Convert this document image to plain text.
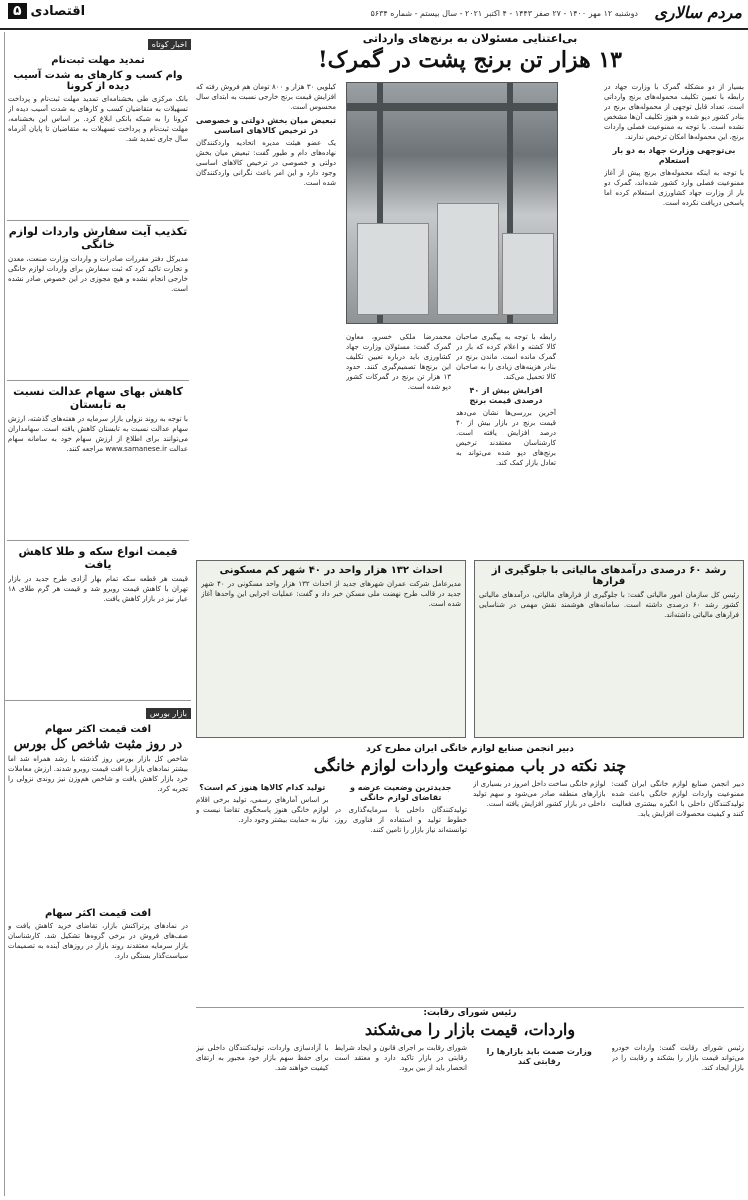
مردم سالاری
دوشنبه ۱۲ مهر ۱۴۰۰ - ۲۷ صفر ۱۴۴۳ - ۴ اکتبر ۲۰۲۱ - سال بیستم - شماره ۵۶۳۴
اقتصادی
۵
اخبار کوتاه
تمدید مهلت ثبت‌نام
وام کسب و کارهای به شدت آسیب دیده از کرونا
بانک مرکزی طی بخشنامه‌ای تمدید مهلت ثبت‌نام و پرداخت تسهیلات به متقاضیان کسب و کارهای به شدت آسیب دیده از کرونا را به شبکه بانکی ابلاغ کرد. بر اساس این بخشنامه، مهلت ثبت‌نام و پرداخت تسهیلات به متقاضیان تا پایان آذرماه سال جاری تمدید شد.
تکذیب آیت سفارش واردات لوازم خانگی
مدیرکل دفتر مقررات صادرات و واردات وزارت صنعت، معدن و تجارت تاکید کرد که ثبت سفارش برای واردات لوازم خانگی خارجی انجام نشده و هیچ مجوزی در این خصوص صادر نشده است.
کاهش بهای سهام عدالت نسبت به تابستان
با توجه به روند نزولی بازار سرمایه در هفته‌های گذشته، ارزش سهام عدالت نسبت به تابستان کاهش یافته است. سهامداران می‌توانند برای اطلاع از ارزش سهام خود به سامانه سهام عدالت www.samanese.ir مراجعه کنند.
قیمت انواع سکه و طلا کاهش یافت
قیمت هر قطعه سکه تمام بهار آزادی طرح جدید در بازار تهران با کاهش قیمت روبرو شد و قیمت هر گرم طلای ۱۸ عیار نیز در بازار کاهش یافت.
بازار بورس
افت قیمت اکثر سهام
در روز مثبت شاخص کل بورس
شاخص کل بازار بورس روز گذشته با رشد همراه شد اما بیشتر نمادهای بازار با افت قیمت روبرو شدند. ارزش معاملات خرد بازار کاهش یافت و شاخص هم‌وزن نیز روندی نزولی را تجربه کرد.
افت قیمت اکثر سهام
در نمادهای پرتراکنش بازار، تقاضای خرید کاهش یافت و صف‌های فروش در برخی گروه‌ها تشکیل شد. کارشناسان بازار سرمایه معتقدند روند بازار در روزهای آینده به تصمیمات سیاست‌گذار بستگی دارد.
بی‌اعتنایی مسئولان به برنج‌های وارداتی
۱۳ هزار تن برنج پشت در گمرک!
بسیار از دو مشکله گمرک با وزارت جهاد در رابطه با تعیین تکلیف محموله‌های برنج وارداتی است. تعداد قابل توجهی از محموله‌های برنج در بنادر کشور دپو شده و هنوز تکلیف آن‌ها مشخص نشده است. با توجه به ممنوعیت فصلی واردات برنج، این محموله‌ها امکان ترخیص ندارند.
بی‌توجهی وزارت جهاد به دو بار استعلام
با توجه به اینکه محموله‌های برنج پیش از آغاز ممنوعیت فصلی وارد کشور شده‌اند، گمرک دو بار از وزارت جهاد کشاورزی استعلام کرده اما پاسخی دریافت نکرده است.
محمدرضا ملکی خسرو، معاون گمرک گفت: مسئولان وزارت جهاد کشاورزی باید درباره تعیین تکلیف این برنج‌ها تصمیم‌گیری کنند. حدود ۱۳ هزار تن برنج در گمرکات کشور دپو شده است.
رابطه با توجه به پیگیری صاحبان کالا کشته و اعلام کرده که بار در گمرک مانده است. ماندن برنج در بنادر هزینه‌های زیادی را به صاحبان کالا تحمیل می‌کند.
افزایش بیش از ۴۰ درصدی قیمت برنج
آخرین بررسی‌ها نشان می‌دهد قیمت برنج در بازار بیش از ۴۰ درصد افزایش یافته است. کارشناسان معتقدند ترخیص برنج‌های دپو شده می‌تواند به تعادل بازار کمک کند.
کیلویی ۳۰ هزار و ۸۰۰ تومان هم فروش رفته که افزایش قیمت برنج خارجی نسبت به ابتدای سال محسوس است.
تبعیض میان بخش دولتی و خصوصی در ترخیص کالاهای اساسی
یک عضو هیئت مدیره اتحادیه واردکنندگان نهاده‌های دام و طیور گفت: تبعیض میان بخش دولتی و خصوصی در ترخیص کالاهای اساسی وجود دارد و این امر باعث نگرانی واردکنندگان شده است.
رشد ۶۰ درصدی درآمدهای مالیاتی با جلوگیری از فرارها
رئیس کل سازمان امور مالیاتی گفت: با جلوگیری از فرارهای مالیاتی، درآمدهای مالیاتی کشور رشد ۶۰ درصدی داشته است. سامانه‌های هوشمند نقش مهمی در شناسایی فرارهای مالیاتی داشته‌اند.
احداث ۱۳۲ هزار واحد در ۴۰ شهر کم مسکونی
مدیرعامل شرکت عمران شهرهای جدید از احداث ۱۳۲ هزار واحد مسکونی در ۴۰ شهر جدید در قالب طرح نهضت ملی مسکن خبر داد و گفت: عملیات اجرایی این واحدها آغاز شده است.
دبیر انجمن صنایع لوازم خانگی ایران مطرح کرد
چند نکته در باب ممنوعیت واردات لوازم خانگی
دبیر انجمن صنایع لوازم خانگی ایران گفت: ممنوعیت واردات لوازم خانگی باعث شده تولیدکنندگان داخلی با انگیزه بیشتری فعالیت کنند و کیفیت محصولات افزایش یابد.
لوازم خانگی ساخت داخل امروز در بسیاری از بازارهای منطقه صادر می‌شود و سهم تولید داخلی در بازار کشور افزایش یافته است.
جدیدترین وضعیت عرضه و تقاضای لوازم خانگی
تولیدکنندگان داخلی با سرمایه‌گذاری در خطوط تولید و استفاده از فناوری روز، توانسته‌اند نیاز بازار را تامین کنند.
تولید کدام کالاها هنوز کم است؟
بر اساس آمارهای رسمی، تولید برخی اقلام لوازم خانگی هنوز پاسخگوی تقاضا نیست و نیاز به حمایت بیشتر وجود دارد.
رئیس شورای رقابت:
واردات، قیمت بازار را می‌شکند
رئیس شورای رقابت گفت: واردات خودرو می‌تواند قیمت بازار را بشکند و رقابت را در بازار ایجاد کند.
وزارت صمت باید بازارها را رقابتی کند
شورای رقابت بر اجرای قانون و ایجاد شرایط رقابتی در بازار تاکید دارد و معتقد است انحصار باید از بین برود.
با آزادسازی واردات، تولیدکنندگان داخلی نیز برای حفظ سهم بازار خود مجبور به ارتقای کیفیت خواهند شد.
